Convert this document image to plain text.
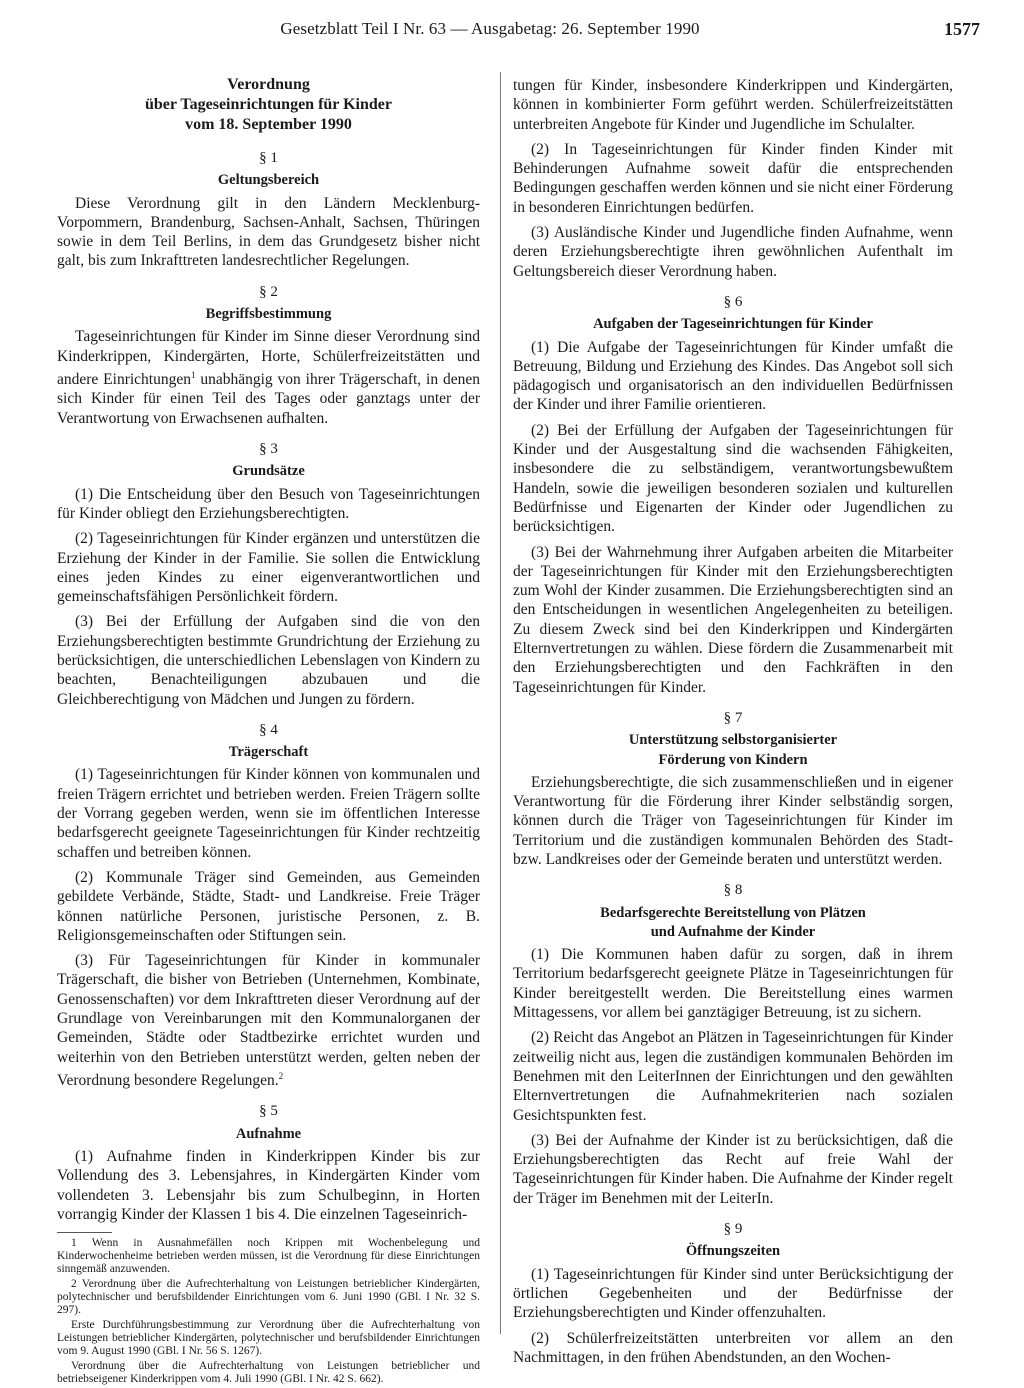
Gesetzblatt Teil I Nr. 63 — Ausgabetag: 26. September 1990	1577
Verordnung
über Tageseinrichtungen für Kinder
vom 18. September 1990
§ 1
Geltungsbereich

Diese Verordnung gilt in den Ländern Mecklenburg-Vorpommern, Brandenburg, Sachsen-Anhalt, Sachsen, Thüringen sowie in dem Teil Berlins, in dem das Grundgesetz bisher nicht galt, bis zum Inkrafttreten landesrechtlicher Regelungen.

§ 2
Begriffsbestimmung

Tageseinrichtungen für Kinder im Sinne dieser Verordnung sind Kinderkrippen, Kindergärten, Horte, Schülerfreizeitstätten und andere Einrichtungen$^1$ unabhängig von ihrer Trägerschaft, in denen sich Kinder für einen Teil des Tages oder ganztags unter der Verantwortung von Erwachsenen aufhalten.

§ 3
Grundsätze

(1) Die Entscheidung über den Besuch von Tageseinrichtungen für Kinder obliegt den Erziehungsberechtigten.

(2) Tageseinrichtungen für Kinder ergänzen und unterstützen die Erziehung der Kinder in der Familie. Sie sollen die Entwicklung eines jeden Kindes zu einer eigenverantwortlichen und gemeinschaftsfähigen Persönlichkeit fördern.

(3) Bei der Erfüllung der Aufgaben sind die von den Erziehungsberechtigten bestimmte Grundrichtung der Erziehung zu berücksichtigen, die unterschiedlichen Lebenslagen von Kindern zu beachten, Benachteiligungen abzubauen und die Gleichberechtigung von Mädchen und Jungen zu fördern.

§ 4
Trägerschaft

(1) Tageseinrichtungen für Kinder können von kommunalen und freien Trägern errichtet und betrieben werden. Freien Trägern sollte der Vorrang gegeben werden, wenn sie im öffentlichen Interesse bedarfsgerecht geeignete Tageseinrichtungen für Kinder rechtzeitig schaffen und betreiben können.

(2) Kommunale Träger sind Gemeinden, aus Gemeinden gebildete Verbände, Städte, Stadt- und Landkreise. Freie Träger können natürliche Personen, juristische Personen, z. B. Religionsgemeinschaften oder Stiftungen sein.

(3) Für Tageseinrichtungen für Kinder in kommunaler Trägerschaft, die bisher von Betrieben (Unternehmen, Kombinate, Genossenschaften) vor dem Inkrafttreten dieser Verordnung auf der Grundlage von Vereinbarungen mit den Kommunalorganen der Gemeinden, Städte oder Stadtbezirke errichtet wurden und weiterhin von den Betrieben unterstützt werden, gelten neben der Verordnung besondere Regelungen.$^2$

§ 5
Aufnahme

(1) Aufnahme finden in Kinderkrippen Kinder bis zur Vollendung des 3. Lebensjahres, in Kindergärten Kinder vom vollendeten 3. Lebensjahr bis zum Schulbeginn, in Horten vorrangig Kinder der Klassen 1 bis 4. Die einzelnen Tageseinrich-

1 Wenn in Ausnahmefällen noch Krippen mit Wochenbelegung und Kinderwochenheime betrieben werden müssen, ist die Verordnung für diese Einrichtungen sinngemäß anzuwenden.
2 Verordnung über die Aufrechterhaltung von Leistungen betrieblicher Kindergärten, polytechnischer und berufsbildender Einrichtungen vom 6. Juni 1990 (GBl. I Nr. 32 S. 297).
Erste Durchführungsbestimmung zur Verordnung über die Aufrechterhaltung von Leistungen betrieblicher Kindergärten, polytechnischer und berufsbildender Einrichtungen vom 9. August 1990 (GBl. I Nr. 56 S. 1267).
Verordnung über die Aufrechterhaltung von Leistungen betrieblicher und betriebseigener Kinderkrippen vom 4. Juli 1990 (GBl. I Nr. 42 S. 662).

tungen für Kinder, insbesondere Kinderkrippen und Kindergärten, können in kombinierter Form geführt werden. Schülerfreizeitstätten unterbreiten Angebote für Kinder und Jugendliche im Schulalter.

(2) In Tageseinrichtungen für Kinder finden Kinder mit Behinderungen Aufnahme soweit dafür die entsprechenden Bedingungen geschaffen werden können und sie nicht einer Förderung in besonderen Einrichtungen bedürfen.

(3) Ausländische Kinder und Jugendliche finden Aufnahme, wenn deren Erziehungsberechtigte ihren gewöhnlichen Aufenthalt im Geltungsbereich dieser Verordnung haben.

§ 6
Aufgaben der Tageseinrichtungen für Kinder

(1) Die Aufgabe der Tageseinrichtungen für Kinder umfaßt die Betreuung, Bildung und Erziehung des Kindes. Das Angebot soll sich pädagogisch und organisatorisch an den individuellen Bedürfnissen der Kinder und ihrer Familie orientieren.

(2) Bei der Erfüllung der Aufgaben der Tageseinrichtungen für Kinder und der Ausgestaltung sind die wachsenden Fähigkeiten, insbesondere die zu selbständigem, verantwortungsbewußtem Handeln, sowie die jeweiligen besonderen sozialen und kulturellen Bedürfnisse und Eigenarten der Kinder oder Jugendlichen zu berücksichtigen.

(3) Bei der Wahrnehmung ihrer Aufgaben arbeiten die Mitarbeiter der Tageseinrichtungen für Kinder mit den Erziehungsberechtigten zum Wohl der Kinder zusammen. Die Erziehungsberechtigten sind an den Entscheidungen in wesentlichen Angelegenheiten zu beteiligen. Zu diesem Zweck sind bei den Kinderkrippen und Kindergärten Elternvertretungen zu wählen. Diese fördern die Zusammenarbeit mit den Erziehungsberechtigten und den Fachkräften in den Tageseinrichtungen für Kinder.

§ 7
Unterstützung selbstorganisierter
Förderung von Kindern

Erziehungsberechtigte, die sich zusammenschließen und in eigener Verantwortung für die Förderung ihrer Kinder selbständig sorgen, können durch die Träger von Tageseinrichtungen für Kinder im Territorium und die zuständigen kommunalen Behörden des Stadt- bzw. Landkreises oder der Gemeinde beraten und unterstützt werden.

§ 8
Bedarfsgerechte Bereitstellung von Plätzen
und Aufnahme der Kinder

(1) Die Kommunen haben dafür zu sorgen, daß in ihrem Territorium bedarfsgerecht geeignete Plätze in Tageseinrichtungen für Kinder bereitgestellt werden. Die Bereitstellung eines warmen Mittagessens, vor allem bei ganztägiger Betreuung, ist zu sichern.

(2) Reicht das Angebot an Plätzen in Tageseinrichtungen für Kinder zeitweilig nicht aus, legen die zuständigen kommunalen Behörden im Benehmen mit den LeiterInnen der Einrichtungen und den gewählten Elternvertretungen die Aufnahmekriterien nach sozialen Gesichtspunkten fest.

(3) Bei der Aufnahme der Kinder ist zu berücksichtigen, daß die Erziehungsberechtigten das Recht auf freie Wahl der Tageseinrichtungen für Kinder haben. Die Aufnahme der Kinder regelt der Träger im Benehmen mit der LeiterIn.

§ 9
Öffnungszeiten

(1) Tageseinrichtungen für Kinder sind unter Berücksichtigung der örtlichen Gegebenheiten und der Bedürfnisse der Erziehungsberechtigten und Kinder offenzuhalten.

(2) Schülerfreizeitstätten unterbreiten vor allem an den Nachmittagen, in den frühen Abendstunden, an den Wochen-
